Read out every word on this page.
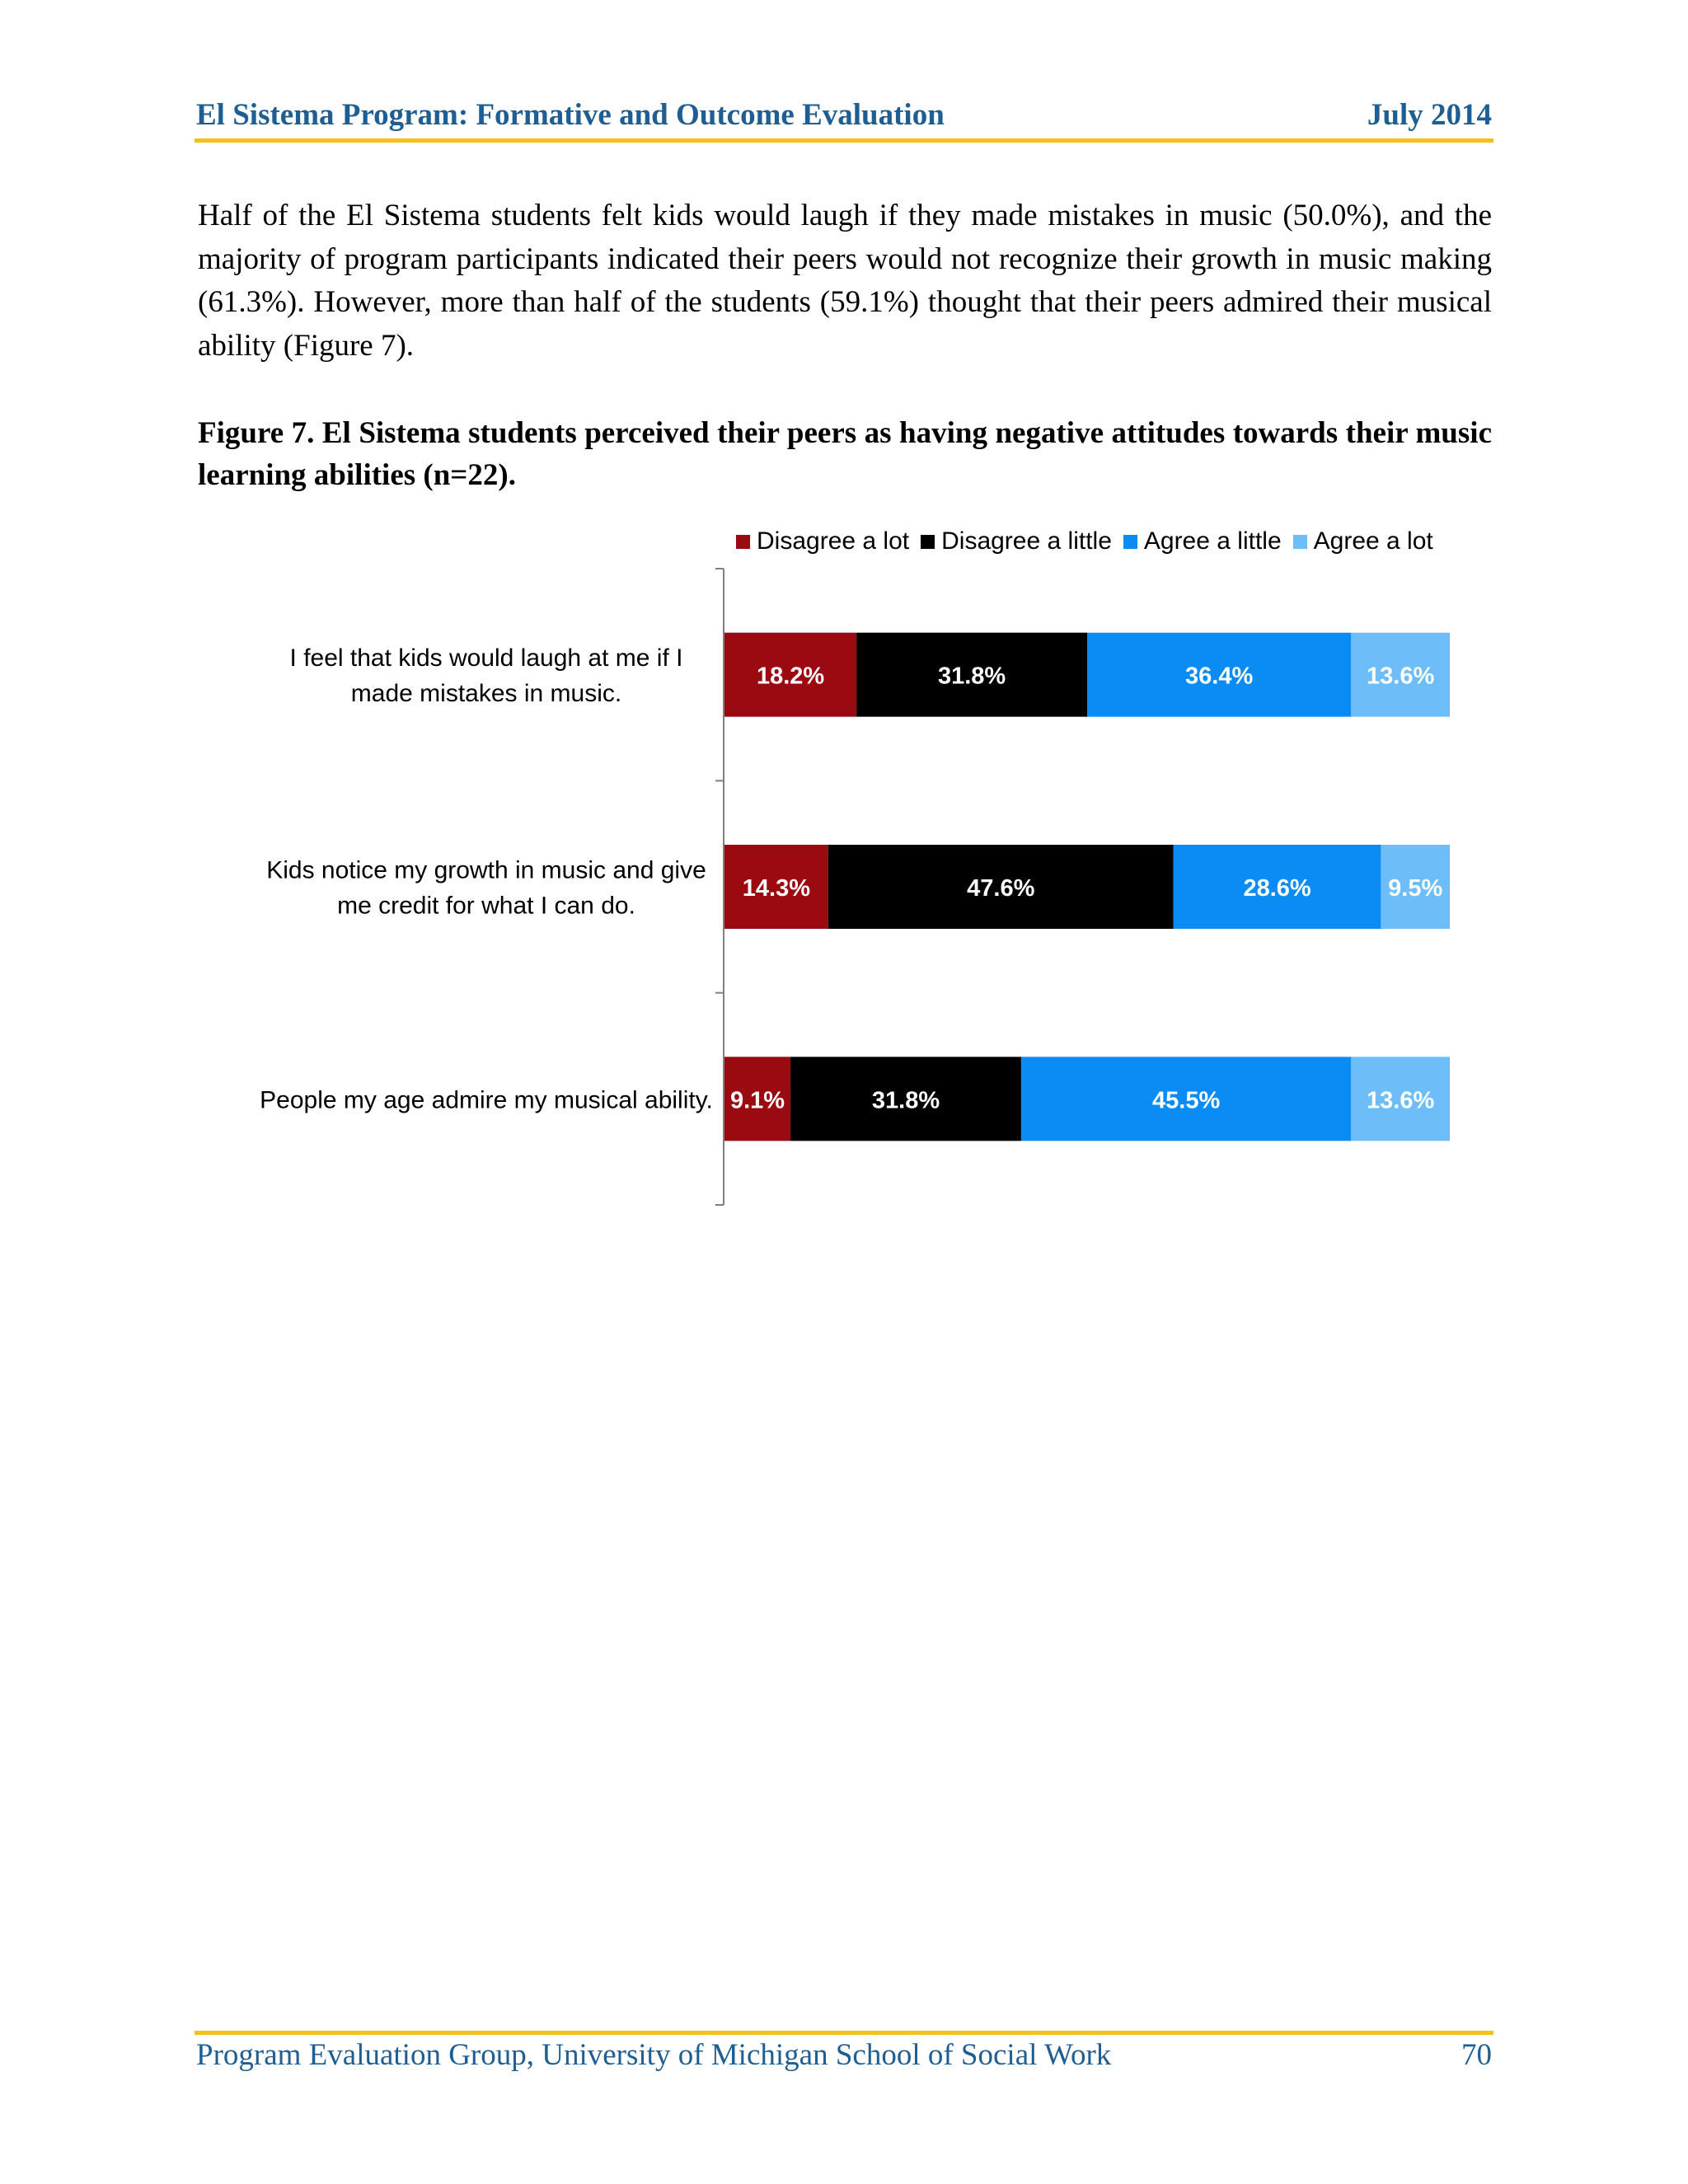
El Sistema Program: Formative and Outcome Evaluation	July 2014

Half of the El Sistema students felt kids would laugh if they made mistakes in music (50.0%), and the majority of program participants indicated their peers would not recognize their growth in music making (61.3%). However, more than half of the students (59.1%) thought that their peers admired their musical ability (Figure 7).

Figure 7. El Sistema students perceived their peers as having negative attitudes towards their music learning abilities (n=22).

Disagree a lot Disagree a little Agree a little Agree a lot
I feel that kids would laugh at me if I made mistakes in music.
18.2%	31.8%	36.4%	13.6%
Kids notice my growth in music and give me credit for what I can do.
14.3%	47.6%	28.6%	9.5%
People my age admire my musical ability. 9.1%	31.8%	45.5%	13.6%
Program Evaluation Group, University of Michigan School of Social Work	70
